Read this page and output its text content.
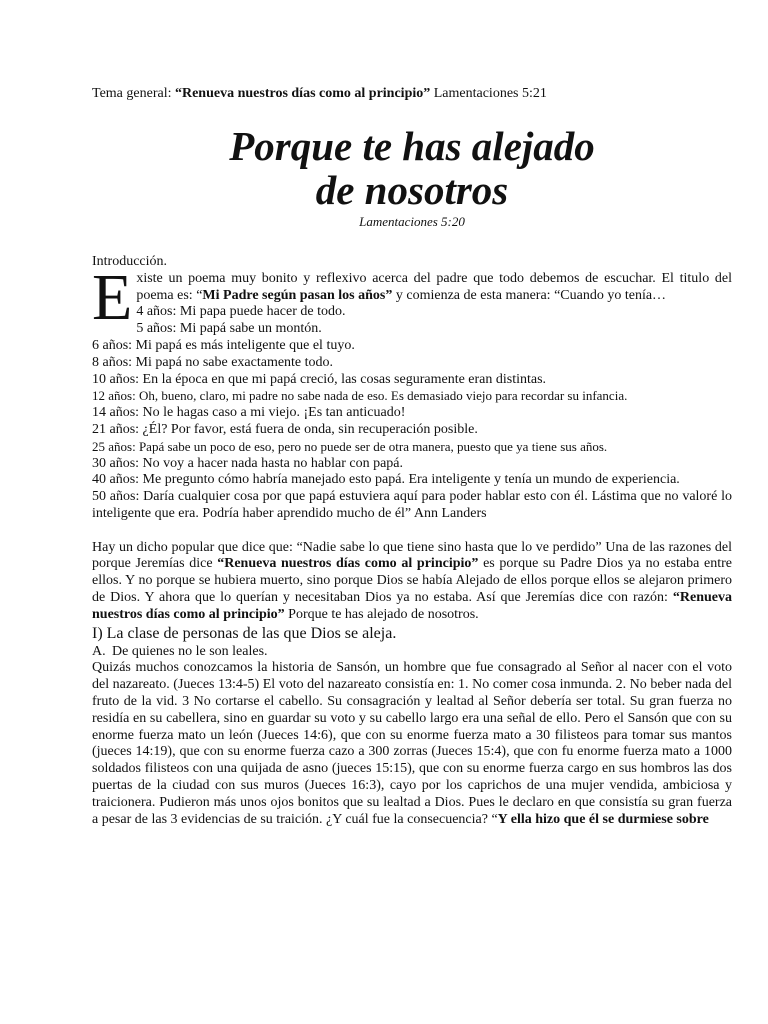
Tema general: “Renueva nuestros días como al principio” Lamentaciones 5:21
Porque te has alejado
de nosotros
Lamentaciones 5:20

Introducción.

E xiste un poema muy bonito y reflexivo acerca del padre que todo debemos de escuchar. El titulo del poema es: “Mi Padre según pasan los años” y comienza de esta manera: “Cuando yo tenía…

4 años: Mi papa puede hacer de todo.

5 años: Mi papá sabe un montón.

6 años: Mi papá es más inteligente que el tuyo.

8 años: Mi papá no sabe exactamente todo.

10 años: En la época en que mi papá creció, las cosas seguramente eran distintas.

12 años: Oh, bueno, claro, mi padre no sabe nada de eso. Es demasiado viejo para recordar su infancia.

14 años: No le hagas caso a mi viejo. ¡Es tan anticuado!

21 años: ¿Él? Por favor, está fuera de onda, sin recuperación posible.

25 años: Papá sabe un poco de eso, pero no puede ser de otra manera, puesto que ya tiene sus años.

30 años: No voy a hacer nada hasta no hablar con papá.

40 años: Me pregunto cómo habría manejado esto papá. Era inteligente y tenía un mundo de experiencia.

50 años: Daría cualquier cosa por que papá estuviera aquí para poder hablar esto con él. Lástima que no valoré lo inteligente que era. Podría haber aprendido mucho de él” Ann Landers

Hay un dicho popular que dice que: “Nadie sabe lo que tiene sino hasta que lo ve perdido” Una de las razones del porque Jeremías dice “Renueva nuestros días como al principio” es porque su Padre Dios ya no estaba entre ellos. Y no porque se hubiera muerto, sino porque Dios se había Alejado de ellos porque ellos se alejaron primero de Dios. Y ahora que lo querían y necesitaban Dios ya no estaba. Así que Jeremías dice con razón: “Renueva nuestros días como al principio” Porque te has alejado de nosotros.

I) La clase de personas de las que Dios se aleja.

A. De quienes no le son leales.

Quizás muchos conozcamos la historia de Sansón, un hombre que fue consagrado al Señor al nacer con el voto del nazareato. (Jueces 13:4-5) El voto del nazareato consistía en: 1. No comer cosa inmunda. 2. No beber nada del fruto de la vid. 3 No cortarse el cabello. Su consagración y lealtad al Señor debería ser total. Su gran fuerza no residía en su cabellera, sino en guardar su voto y su cabello largo era una señal de ello. Pero el Sansón que con su enorme fuerza mato un león (Jueces 14:6), que con su enorme fuerza mato a 30 filisteos para tomar sus mantos (jueces 14:19), que con su enorme fuerza cazo a 300 zorras (Jueces 15:4), que con fu enorme fuerza mato a 1000 soldados filisteos con una quijada de asno (jueces 15:15), que con su enorme fuerza cargo en sus hombros las dos puertas de la ciudad con sus muros (Jueces 16:3), cayo por los caprichos de una mujer vendida, ambiciosa y traicionera. Pudieron más unos ojos bonitos que su lealtad a Dios. Pues le declaro en que consistía su gran fuerza a pesar de las 3 evidencias de su traición. ¿Y cuál fue la consecuencia? “Y ella hizo que él se durmiese sobre
